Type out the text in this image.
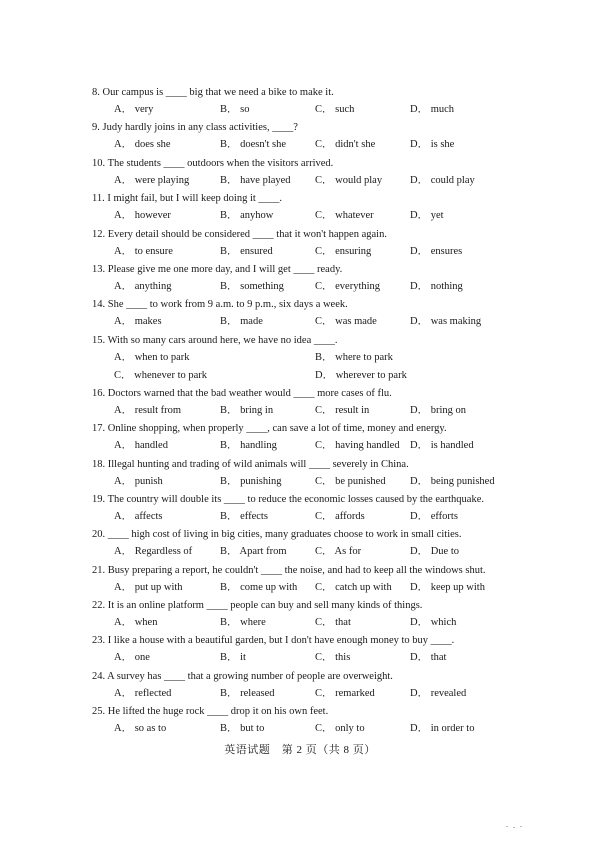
8. Our campus is ____ big that we need a bike to make it.
A． very	B． so	C． such	D． much
9. Judy hardly joins in any class activities, ____?
A． does she	B． doesn't she	C． didn't she	D． is she
10. The students ____ outdoors when the visitors arrived.
A． were playing	B． have played C． would play	D． could play
11. I might fail, but I will keep doing it ____.
A． however	B． anyhow	C． whatever	D． yet
12. Every detail should be considered ____ that it won't happen again.
A． to ensure	B． ensured	C． ensuring	D． ensures
13. Please give me one more day, and I will get ____ ready.
A． anything	B． something	C． everything	D． nothing
14. She ____ to work from 9 a.m. to 9 p.m., six days a week.
A． makes	B． made	C． was made	D． was making
15. With so many cars around here, we have no idea ____.
A． when to park	B． where to park
C． whenever to park	D． wherever to park
16. Doctors warned that the bad weather would ____ more cases of flu.
A． result from	B． bring in	C． result in	D． bring on
17. Online shopping, when properly ____, can save a lot of time, money and energy.
A． handled	B． handling	C． having handled D． is handled
18. Illegal hunting and trading of wild animals will ____ severely in China.
A． punish	B． punishing	C． be punished D． being punished
19. The country will double its ____ to reduce the economic losses caused by the earthquake.
A． affects	B． effects	C． affords	D． efforts
20. ____ high cost of living in big cities, many graduates choose to work in small cities.
A． Regardless of	B． Apart from	C． As for	D． Due to
21. Busy preparing a report, he couldn't ____ the noise, and had to keep all the windows shut.
A． put up with	B． come up with C． catch up with D． keep up with
22. It is an online platform ____ people can buy and sell many kinds of things.
A． when	B． where	C． that	D． which
23. I like a house with a beautiful garden, but I don't have enough money to buy ____.
A． one	B． it	C． this	D． that
24. A survey has ____ that a growing number of people are overweight.
A． reflected	B． released	C． remarked	D． revealed
25. He lifted the huge rock ____ drop it on his own feet.
A． so as to	B． but to	C． only to	D． in order to
英语试题　第 2 页（共 8 页）
